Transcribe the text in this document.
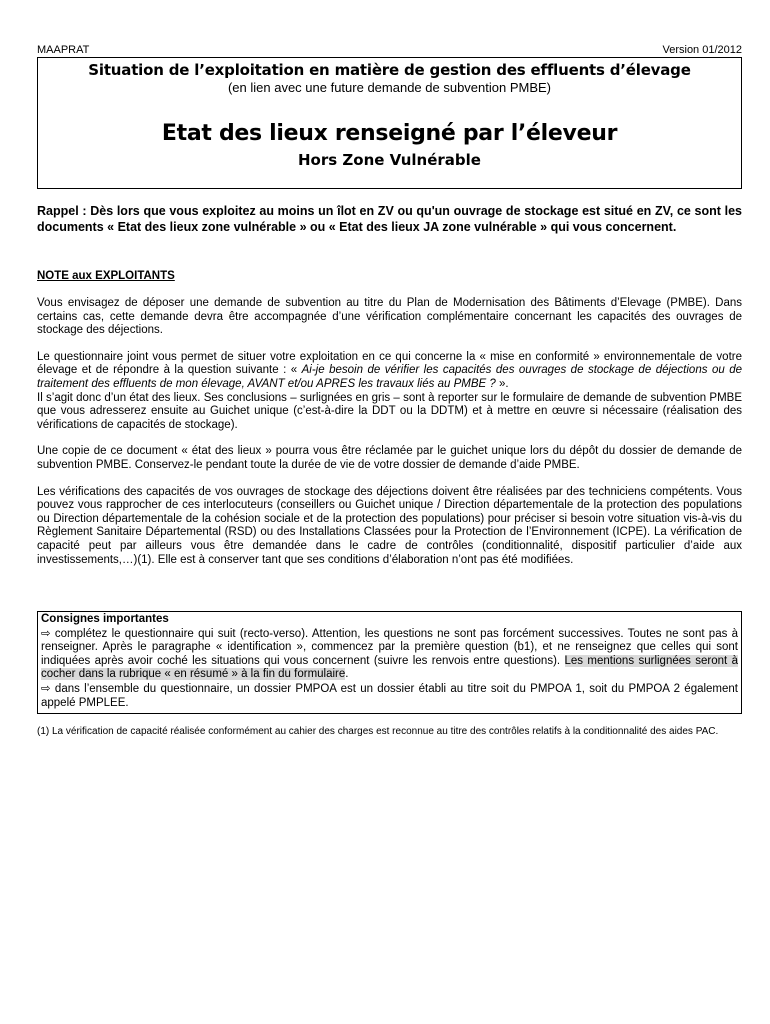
MAAPRAT	Version 01/2012
Situation de l’exploitation en matière de gestion des effluents d’élevage
(en lien avec une future demande de subvention PMBE)
Etat des lieux renseigné par l’éleveur
Hors Zone Vulnérable
Rappel : Dès lors que vous exploitez au moins un îlot en ZV ou qu'un ouvrage de stockage est situé en ZV, ce sont les documents « Etat des lieux zone vulnérable » ou « Etat des lieux JA zone vulnérable » qui vous concernent.
NOTE aux EXPLOITANTS

Vous envisagez de déposer une demande de subvention au titre du Plan de Modernisation des Bâtiments d’Elevage (PMBE). Dans certains cas, cette demande devra être accompagnée d’une vérification complémentaire concernant les capacités des ouvrages de stockage des déjections.

Le questionnaire joint vous permet de situer votre exploitation en ce qui concerne la « mise en conformité » environnementale de votre élevage et de répondre à la question suivante : « Ai-je besoin de vérifier les capacités des ouvrages de stockage de déjections ou de traitement des effluents de mon élevage, AVANT et/ou APRES les travaux liés au PMBE ? ».

Il s’agit donc d’un état des lieux. Ses conclusions – surlignées en gris – sont à reporter sur le formulaire de demande de subvention PMBE que vous adresserez ensuite au Guichet unique (c’est-à-dire la DDT ou la DDTM) et à mettre en œuvre si nécessaire (réalisation des vérifications de capacités de stockage).

Une copie de ce document « état des lieux » pourra vous être réclamée par le guichet unique lors du dépôt du dossier de demande de subvention PMBE. Conservez-le pendant toute la durée de vie de votre dossier de demande d’aide PMBE.

Les vérifications des capacités de vos ouvrages de stockage des déjections doivent être réalisées par des techniciens compétents. Vous pouvez vous rapprocher de ces interlocuteurs (conseillers ou Guichet unique / Direction départementale de la protection des populations ou Direction départementale de la cohésion sociale et de la protection des populations) pour préciser si besoin votre situation vis-à-vis du Règlement Sanitaire Départemental (RSD) ou des Installations Classées pour la Protection de l’Environnement (ICPE). La vérification de capacité peut par ailleurs vous être demandée dans le cadre de contrôles (conditionnalité, dispositif particulier d’aide aux investissements,…)(1). Elle est à conserver tant que ses conditions d’élaboration n’ont pas été modifiées.

Consignes importantes

⇨ complétez le questionnaire qui suit (recto-verso). Attention, les questions ne sont pas forcément successives. Toutes ne sont pas à renseigner. Après le paragraphe « identification », commencez par la première question (b1), et ne renseignez que celles qui sont indiquées après avoir coché les situations qui vous concernent (suivre les renvois entre questions). Les mentions surlignées seront à cocher dans la rubrique « en résumé » à la fin du formulaire.

⇨ dans l’ensemble du questionnaire, un dossier PMPOA est un dossier établi au titre soit du PMPOA 1, soit du PMPOA 2 également appelé PMPLEE.

(1) La vérification de capacité réalisée conformément au cahier des charges est reconnue au titre des contrôles relatifs à la conditionnalité des aides PAC.
